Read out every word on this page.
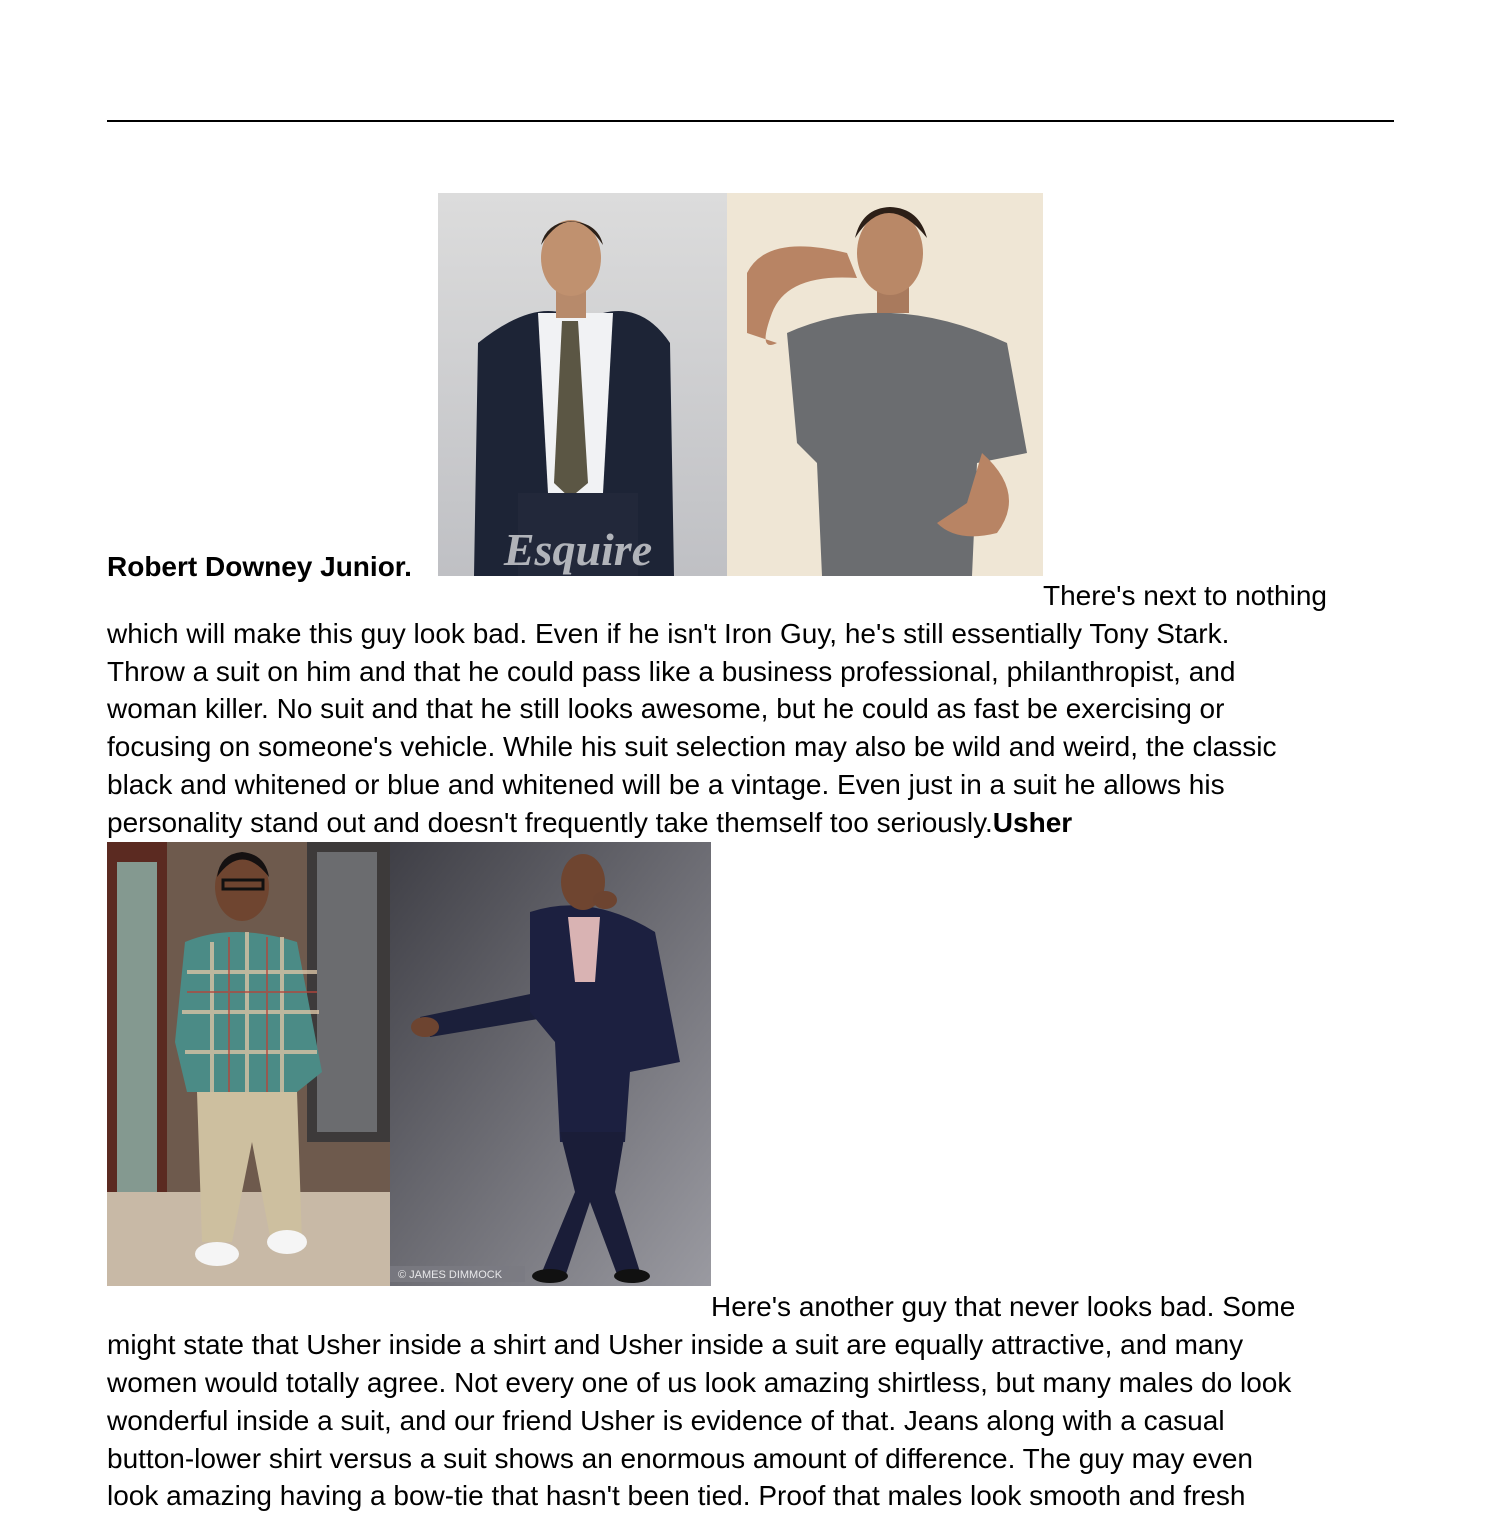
Esquire
Robert Downey Junior.
There's next to nothing
which will make this guy look bad. Even if he isn't Iron Guy, he's still essentially Tony Stark.
Throw a suit on him and that he could pass like a business professional, philanthropist, and
woman killer. No suit and that he still looks awesome, but he could as fast be exercising or
focusing on someone's vehicle. While his suit selection may also be wild and weird, the classic
black and whitened or blue and whitened will be a vintage. Even just in a suit he allows his
personality stand out and doesn't frequently take themself too seriously.Usher
© JAMES DIMMOCK
Here's another guy that never looks bad. Some
might state that Usher inside a shirt and Usher inside a suit are equally attractive, and many
women would totally agree. Not every one of us look amazing shirtless, but many males do look
wonderful inside a suit, and our friend Usher is evidence of that. Jeans along with a casual
button-lower shirt versus a suit shows an enormous amount of difference. The guy may even
look amazing having a bow-tie that hasn't been tied. Proof that males look smooth and fresh
